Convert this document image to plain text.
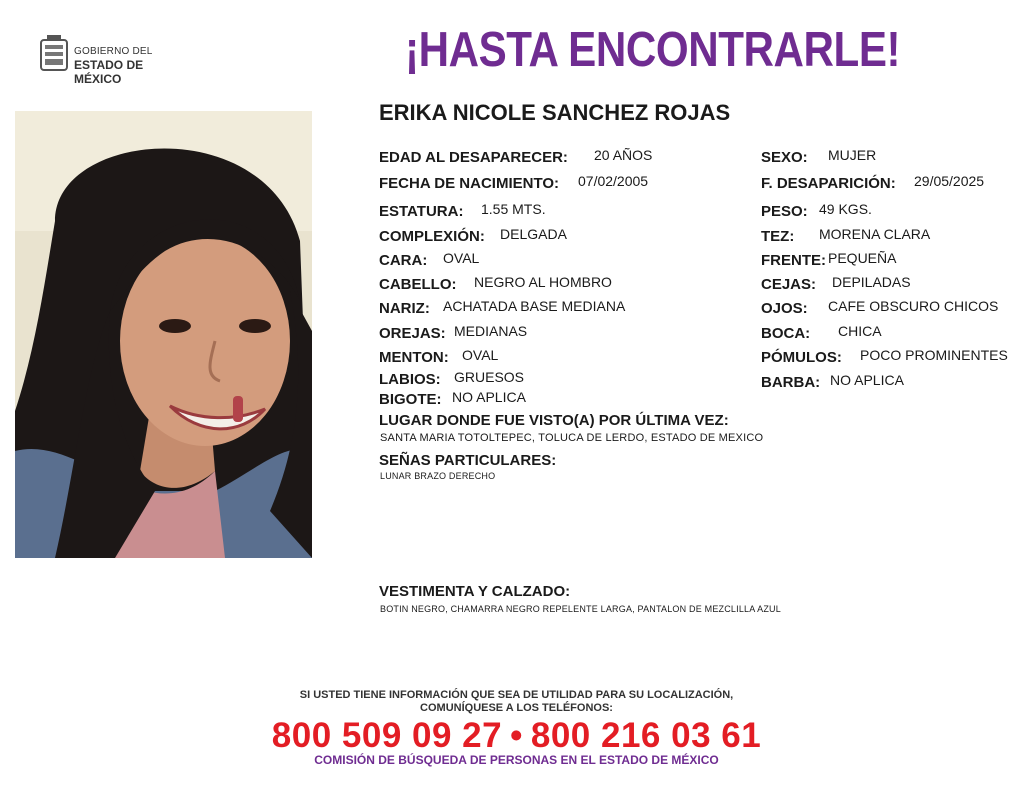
GOBIERNO DEL
ESTADO DE MÉXICO
¡HASTA ENCONTRARLE!
ERIKA NICOLE SANCHEZ ROJAS
EDAD AL DESAPARECER: 20 AÑOS
FECHA DE NACIMIENTO: 07/02/2005
ESTATURA: 1.55 MTS.
COMPLEXIÓN: DELGADA
CARA: OVAL
CABELLO: NEGRO AL HOMBRO
NARIZ: ACHATADA BASE MEDIANA
OREJAS: MEDIANAS
MENTON: OVAL
LABIOS: GRUESOS
BIGOTE: NO APLICA
SEXO: MUJER
F. DESAPARICIÓN: 29/05/2025
PESO: 49 KGS.
TEZ: MORENA CLARA
FRENTE: PEQUEÑA
CEJAS: DEPILADAS
OJOS: CAFE OBSCURO CHICOS
BOCA: CHICA
PÓMULOS: POCO PROMINENTES
BARBA: NO APLICA
LUGAR DONDE FUE VISTO(A) POR ÚLTIMA VEZ:
SANTA MARIA TOTOLTEPEC, TOLUCA DE LERDO, ESTADO DE MEXICO
SEÑAS PARTICULARES:
LUNAR BRAZO DERECHO
VESTIMENTA Y CALZADO:
BOTIN NEGRO, CHAMARRA NEGRO REPELENTE LARGA, PANTALON DE MEZCLILLA AZUL
SI USTED TIENE INFORMACIÓN QUE SEA DE UTILIDAD PARA SU LOCALIZACIÓN,
COMUNÍQUESE A LOS TELÉFONOS:
800 509 09 27 • 800 216 03 61
COMISIÓN DE BÚSQUEDA DE PERSONAS EN EL ESTADO DE MÉXICO
